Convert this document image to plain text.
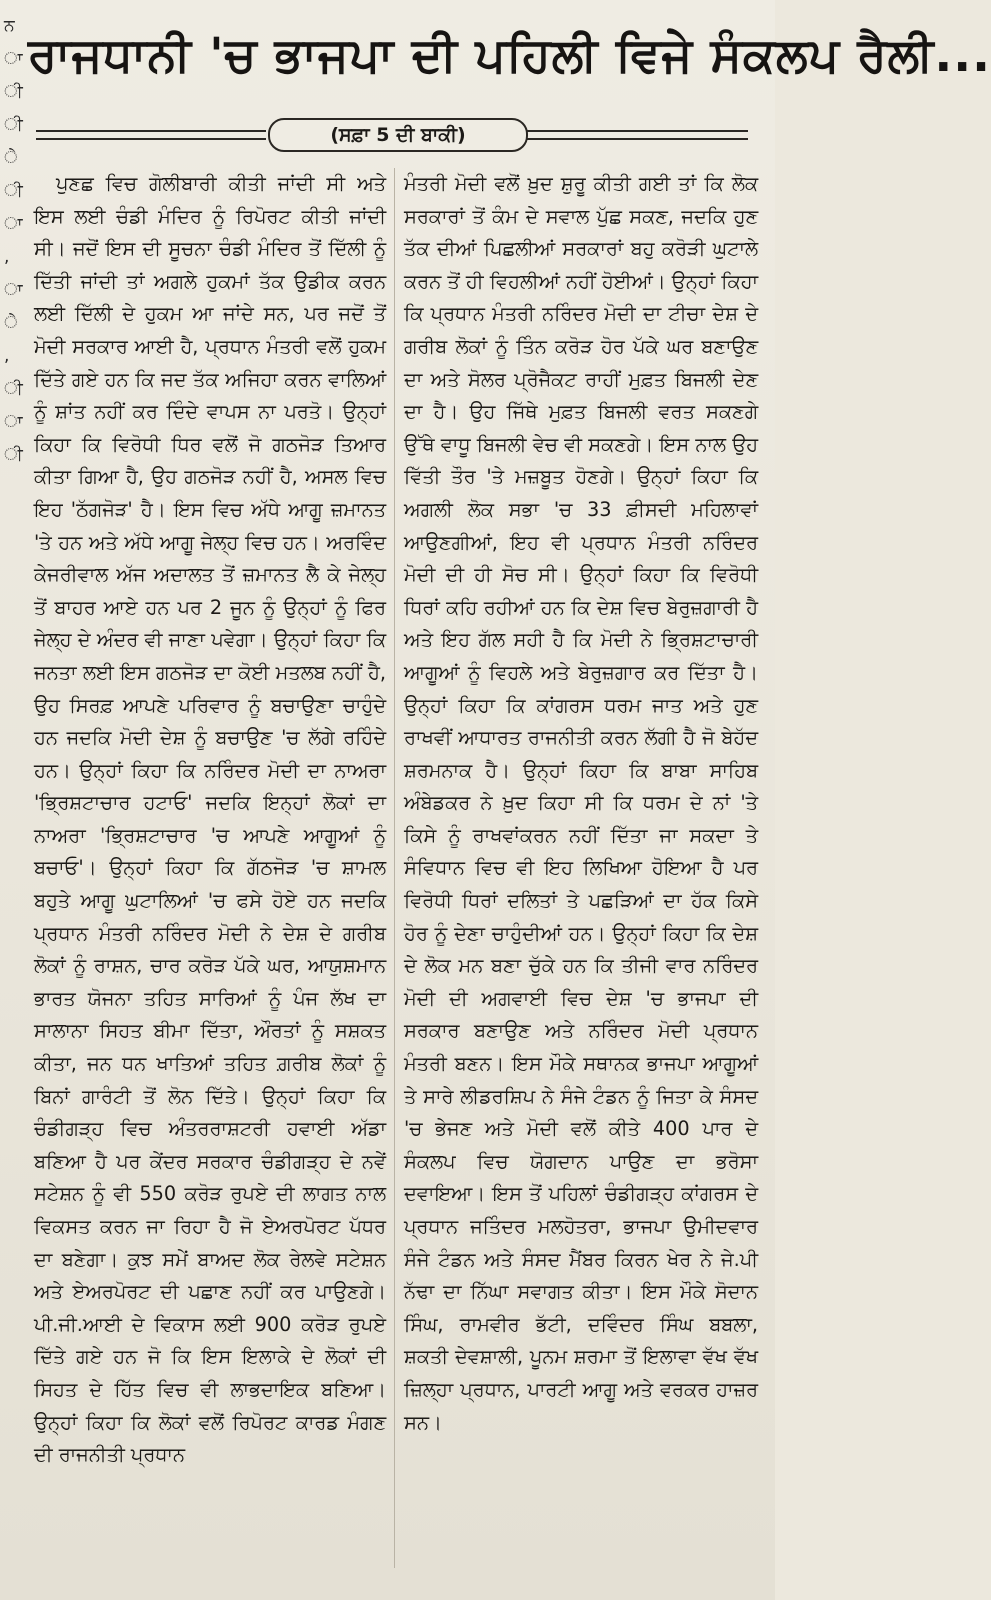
ਨ
ਾ
ੀ
ੀ
ੇ
ੀ
ਾ
,
ਾ
ੇ
,
ੀ
ਾ
ੀ
ਰਾਜਧਾਨੀ 'ਚ ਭਾਜਪਾ ਦੀ ਪਹਿਲੀ ਵਿਜੇ ਸੰਕਲਪ ਰੈਲੀ...
(ਸਫ਼ਾ 5 ਦੀ ਬਾਕੀ)

ਪੁਣਛ ਵਿਚ ਗੋਲੀਬਾਰੀ ਕੀਤੀ ਜਾਂਦੀ ਸੀ ਅਤੇ ਇਸ ਲਈ ਚੰਡੀ ਮੰਦਿਰ ਨੂੰ ਰਿਪੋਰਟ ਕੀਤੀ ਜਾਂਦੀ ਸੀ। ਜਦੋਂ ਇਸ ਦੀ ਸੂਚਨਾ ਚੰਡੀ ਮੰਦਿਰ ਤੋਂ ਦਿੱਲੀ ਨੂੰ ਦਿੱਤੀ ਜਾਂਦੀ ਤਾਂ ਅਗਲੇ ਹੁਕਮਾਂ ਤੱਕ ਉਡੀਕ ਕਰਨ ਲਈ ਦਿੱਲੀ ਦੇ ਹੁਕਮ ਆ ਜਾਂਦੇ ਸਨ, ਪਰ ਜਦੋਂ ਤੋਂ ਮੋਦੀ ਸਰਕਾਰ ਆਈ ਹੈ, ਪ੍ਰਧਾਨ ਮੰਤਰੀ ਵਲੋਂ ਹੁਕਮ ਦਿੱਤੇ ਗਏ ਹਨ ਕਿ ਜਦ ਤੱਕ ਅਜਿਹਾ ਕਰਨ ਵਾਲਿਆਂ ਨੂੰ ਸ਼ਾਂਤ ਨਹੀਂ ਕਰ ਦਿੰਦੇ ਵਾਪਸ ਨਾ ਪਰਤੋ। ਉਨ੍ਹਾਂ ਕਿਹਾ ਕਿ ਵਿਰੋਧੀ ਧਿਰ ਵਲੋਂ ਜੋ ਗਠਜੋੜ ਤਿਆਰ ਕੀਤਾ ਗਿਆ ਹੈ, ਉਹ ਗਠਜੋੜ ਨਹੀਂ ਹੈ, ਅਸਲ ਵਿਚ ਇਹ 'ਠੱਗਜੋੜ' ਹੈ। ਇਸ ਵਿਚ ਅੱਧੇ ਆਗੂ ਜ਼ਮਾਨਤ 'ਤੇ ਹਨ ਅਤੇ ਅੱਧੇ ਆਗੂ ਜੇਲ੍ਹ ਵਿਚ ਹਨ। ਅਰਵਿੰਦ ਕੇਜਰੀਵਾਲ ਅੱਜ ਅਦਾਲਤ ਤੋਂ ਜ਼ਮਾਨਤ ਲੈ ਕੇ ਜੇਲ੍ਹ ਤੋਂ ਬਾਹਰ ਆਏ ਹਨ ਪਰ 2 ਜੂਨ ਨੂੰ ਉਨ੍ਹਾਂ ਨੂੰ ਫਿਰ ਜੇਲ੍ਹ ਦੇ ਅੰਦਰ ਵੀ ਜਾਣਾ ਪਵੇਗਾ। ਉਨ੍ਹਾਂ ਕਿਹਾ ਕਿ ਜਨਤਾ ਲਈ ਇਸ ਗਠਜੋੜ ਦਾ ਕੋਈ ਮਤਲਬ ਨਹੀਂ ਹੈ, ਉਹ ਸਿਰਫ਼ ਆਪਣੇ ਪਰਿਵਾਰ ਨੂੰ ਬਚਾਉਣਾ ਚਾਹੁੰਦੇ ਹਨ ਜਦਕਿ ਮੋਦੀ ਦੇਸ਼ ਨੂੰ ਬਚਾਉਣ 'ਚ ਲੱਗੇ ਰਹਿੰਦੇ ਹਨ। ਉਨ੍ਹਾਂ ਕਿਹਾ ਕਿ ਨਰਿੰਦਰ ਮੋਦੀ ਦਾ ਨਾਅਰਾ 'ਭ੍ਰਿਸ਼ਟਾਚਾਰ ਹਟਾਓ' ਜਦਕਿ ਇਨ੍ਹਾਂ ਲੋਕਾਂ ਦਾ ਨਾਅਰਾ 'ਭ੍ਰਿਸ਼ਟਾਚਾਰ 'ਚ ਆਪਣੇ ਆਗੂਆਂ ਨੂੰ ਬਚਾਓ'। ਉਨ੍ਹਾਂ ਕਿਹਾ ਕਿ ਗੱਠਜੋੜ 'ਚ ਸ਼ਾਮਲ ਬਹੁਤੇ ਆਗੂ ਘੁਟਾਲਿਆਂ 'ਚ ਫਸੇ ਹੋਏ ਹਨ ਜਦਕਿ ਪ੍ਰਧਾਨ ਮੰਤਰੀ ਨਰਿੰਦਰ ਮੋਦੀ ਨੇ ਦੇਸ਼ ਦੇ ਗਰੀਬ ਲੋਕਾਂ ਨੂੰ ਰਾਸ਼ਨ, ਚਾਰ ਕਰੋੜ ਪੱਕੇ ਘਰ, ਆਯੁਸ਼ਮਾਨ ਭਾਰਤ ਯੋਜਨਾ ਤਹਿਤ ਸਾਰਿਆਂ ਨੂੰ ਪੰਜ ਲੱਖ ਦਾ ਸਾਲਾਨਾ ਸਿਹਤ ਬੀਮਾ ਦਿੱਤਾ, ਔਰਤਾਂ ਨੂੰ ਸਸ਼ਕਤ ਕੀਤਾ, ਜਨ ਧਨ ਖਾਤਿਆਂ ਤਹਿਤ ਗ਼ਰੀਬ ਲੋਕਾਂ ਨੂੰ ਬਿਨਾਂ ਗਾਰੰਟੀ ਤੋਂ ਲੋਨ ਦਿੱਤੇ। ਉਨ੍ਹਾਂ ਕਿਹਾ ਕਿ ਚੰਡੀਗੜ੍ਹ ਵਿਚ ਅੰਤਰਰਾਸ਼ਟਰੀ ਹਵਾਈ ਅੱਡਾ ਬਣਿਆ ਹੈ ਪਰ ਕੇਂਦਰ ਸਰਕਾਰ ਚੰਡੀਗੜ੍ਹ ਦੇ ਨਵੇਂ ਸਟੇਸ਼ਨ ਨੂੰ ਵੀ 550 ਕਰੋੜ ਰੁਪਏ ਦੀ ਲਾਗਤ ਨਾਲ ਵਿਕਸਤ ਕਰਨ ਜਾ ਰਿਹਾ ਹੈ ਜੋ ਏਅਰਪੋਰਟ ਪੱਧਰ ਦਾ ਬਣੇਗਾ। ਕੁਝ ਸਮੇਂ ਬਾਅਦ ਲੋਕ ਰੇਲਵੇ ਸਟੇਸ਼ਨ ਅਤੇ ਏਅਰਪੋਰਟ ਦੀ ਪਛਾਣ ਨਹੀਂ ਕਰ ਪਾਉਣਗੇ। ਪੀ.ਜੀ.ਆਈ ਦੇ ਵਿਕਾਸ ਲਈ 900 ਕਰੋੜ ਰੁਪਏ ਦਿੱਤੇ ਗਏ ਹਨ ਜੋ ਕਿ ਇਸ ਇਲਾਕੇ ਦੇ ਲੋਕਾਂ ਦੀ ਸਿਹਤ ਦੇ ਹਿੱਤ ਵਿਚ ਵੀ ਲਾਭਦਾਇਕ ਬਣਿਆ। ਉਨ੍ਹਾਂ ਕਿਹਾ ਕਿ ਲੋਕਾਂ ਵਲੋਂ ਰਿਪੋਰਟ ਕਾਰਡ ਮੰਗਣ ਦੀ ਰਾਜਨੀਤੀ ਪ੍ਰਧਾਨ

ਮੰਤਰੀ ਮੋਦੀ ਵਲੋਂ ਖ਼ੁਦ ਸ਼ੁਰੂ ਕੀਤੀ ਗਈ ਤਾਂ ਕਿ ਲੋਕ ਸਰਕਾਰਾਂ ਤੋਂ ਕੰਮ ਦੇ ਸਵਾਲ ਪੁੱਛ ਸਕਣ, ਜਦਕਿ ਹੁਣ ਤੱਕ ਦੀਆਂ ਪਿਛਲੀਆਂ ਸਰਕਾਰਾਂ ਬਹੁ ਕਰੋੜੀ ਘੁਟਾਲੇ ਕਰਨ ਤੋਂ ਹੀ ਵਿਹਲੀਆਂ ਨਹੀਂ ਹੋਈਆਂ। ਉਨ੍ਹਾਂ ਕਿਹਾ ਕਿ ਪ੍ਰਧਾਨ ਮੰਤਰੀ ਨਰਿੰਦਰ ਮੋਦੀ ਦਾ ਟੀਚਾ ਦੇਸ਼ ਦੇ ਗਰੀਬ ਲੋਕਾਂ ਨੂੰ ਤਿੰਨ ਕਰੋੜ ਹੋਰ ਪੱਕੇ ਘਰ ਬਣਾਉਣ ਦਾ ਅਤੇ ਸੋਲਰ ਪ੍ਰੋਜੈਕਟ ਰਾਹੀਂ ਮੁਫ਼ਤ ਬਿਜਲੀ ਦੇਣ ਦਾ ਹੈ। ਉਹ ਜਿੱਥੇ ਮੁਫ਼ਤ ਬਿਜਲੀ ਵਰਤ ਸਕਣਗੇ ਉੱਥੇ ਵਾਧੂ ਬਿਜਲੀ ਵੇਚ ਵੀ ਸਕਣਗੇ। ਇਸ ਨਾਲ ਉਹ ਵਿੱਤੀ ਤੌਰ 'ਤੇ ਮਜ਼ਬੂਤ ਹੋਣਗੇ। ਉਨ੍ਹਾਂ ਕਿਹਾ ਕਿ ਅਗਲੀ ਲੋਕ ਸਭਾ 'ਚ 33 ਫ਼ੀਸਦੀ ਮਹਿਲਾਵਾਂ ਆਉਣਗੀਆਂ, ਇਹ ਵੀ ਪ੍ਰਧਾਨ ਮੰਤਰੀ ਨਰਿੰਦਰ ਮੋਦੀ ਦੀ ਹੀ ਸੋਚ ਸੀ। ਉਨ੍ਹਾਂ ਕਿਹਾ ਕਿ ਵਿਰੋਧੀ ਧਿਰਾਂ ਕਹਿ ਰਹੀਆਂ ਹਨ ਕਿ ਦੇਸ਼ ਵਿਚ ਬੇਰੁਜ਼ਗਾਰੀ ਹੈ ਅਤੇ ਇਹ ਗੱਲ ਸਹੀ ਹੈ ਕਿ ਮੋਦੀ ਨੇ ਭ੍ਰਿਸ਼ਟਾਚਾਰੀ ਆਗੂਆਂ ਨੂੰ ਵਿਹਲੇ ਅਤੇ ਬੇਰੁਜ਼ਗਾਰ ਕਰ ਦਿੱਤਾ ਹੈ। ਉਨ੍ਹਾਂ ਕਿਹਾ ਕਿ ਕਾਂਗਰਸ ਧਰਮ ਜਾਤ ਅਤੇ ਹੁਣ ਰਾਖਵੀਂ ਆਧਾਰਤ ਰਾਜਨੀਤੀ ਕਰਨ ਲੱਗੀ ਹੈ ਜੋ ਬੇਹੱਦ ਸ਼ਰਮਨਾਕ ਹੈ। ਉਨ੍ਹਾਂ ਕਿਹਾ ਕਿ ਬਾਬਾ ਸਾਹਿਬ ਅੰਬੇਡਕਰ ਨੇ ਖ਼ੁਦ ਕਿਹਾ ਸੀ ਕਿ ਧਰਮ ਦੇ ਨਾਂ 'ਤੇ ਕਿਸੇ ਨੂੰ ਰਾਖਵਾਂਕਰਨ ਨਹੀਂ ਦਿੱਤਾ ਜਾ ਸਕਦਾ ਤੇ ਸੰਵਿਧਾਨ ਵਿਚ ਵੀ ਇਹ ਲਿਖਿਆ ਹੋਇਆ ਹੈ ਪਰ ਵਿਰੋਧੀ ਧਿਰਾਂ ਦਲਿਤਾਂ ਤੇ ਪਛੜਿਆਂ ਦਾ ਹੱਕ ਕਿਸੇ ਹੋਰ ਨੂੰ ਦੇਣਾ ਚਾਹੁੰਦੀਆਂ ਹਨ। ਉਨ੍ਹਾਂ ਕਿਹਾ ਕਿ ਦੇਸ਼ ਦੇ ਲੋਕ ਮਨ ਬਣਾ ਚੁੱਕੇ ਹਨ ਕਿ ਤੀਜੀ ਵਾਰ ਨਰਿੰਦਰ ਮੋਦੀ ਦੀ ਅਗਵਾਈ ਵਿਚ ਦੇਸ਼ 'ਚ ਭਾਜਪਾ ਦੀ ਸਰਕਾਰ ਬਣਾਉਣ ਅਤੇ ਨਰਿੰਦਰ ਮੋਦੀ ਪ੍ਰਧਾਨ ਮੰਤਰੀ ਬਣਨ। ਇਸ ਮੌਕੇ ਸਥਾਨਕ ਭਾਜਪਾ ਆਗੂਆਂ ਤੇ ਸਾਰੇ ਲੀਡਰਸ਼ਿਪ ਨੇ ਸੰਜੇ ਟੰਡਨ ਨੂੰ ਜਿਤਾ ਕੇ ਸੰਸਦ 'ਚ ਭੇਜਣ ਅਤੇ ਮੋਦੀ ਵਲੋਂ ਕੀਤੇ 400 ਪਾਰ ਦੇ ਸੰਕਲਪ ਵਿਚ ਯੋਗਦਾਨ ਪਾਉਣ ਦਾ ਭਰੋਸਾ ਦਵਾਇਆ। ਇਸ ਤੋਂ ਪਹਿਲਾਂ ਚੰਡੀਗੜ੍ਹ ਕਾਂਗਰਸ ਦੇ ਪ੍ਰਧਾਨ ਜਤਿੰਦਰ ਮਲਹੋਤਰਾ, ਭਾਜਪਾ ਉਮੀਦਵਾਰ ਸੰਜੇ ਟੰਡਨ ਅਤੇ ਸੰਸਦ ਮੈਂਬਰ ਕਿਰਨ ਖੇਰ ਨੇ ਜੇ.ਪੀ ਨੱਢਾ ਦਾ ਨਿੱਘਾ ਸਵਾਗਤ ਕੀਤਾ। ਇਸ ਮੌਕੇ ਸੋਦਾਨ ਸਿੰਘ, ਰਾਮਵੀਰ ਭੱਟੀ, ਦਵਿੰਦਰ ਸਿੰਘ ਬਬਲਾ, ਸ਼ਕਤੀ ਦੇਵਸ਼ਾਲੀ, ਪੂਨਮ ਸ਼ਰਮਾ ਤੋਂ ਇਲਾਵਾ ਵੱਖ ਵੱਖ ਜ਼ਿਲ੍ਹਾ ਪ੍ਰਧਾਨ, ਪਾਰਟੀ ਆਗੂ ਅਤੇ ਵਰਕਰ ਹਾਜ਼ਰ ਸਨ।
